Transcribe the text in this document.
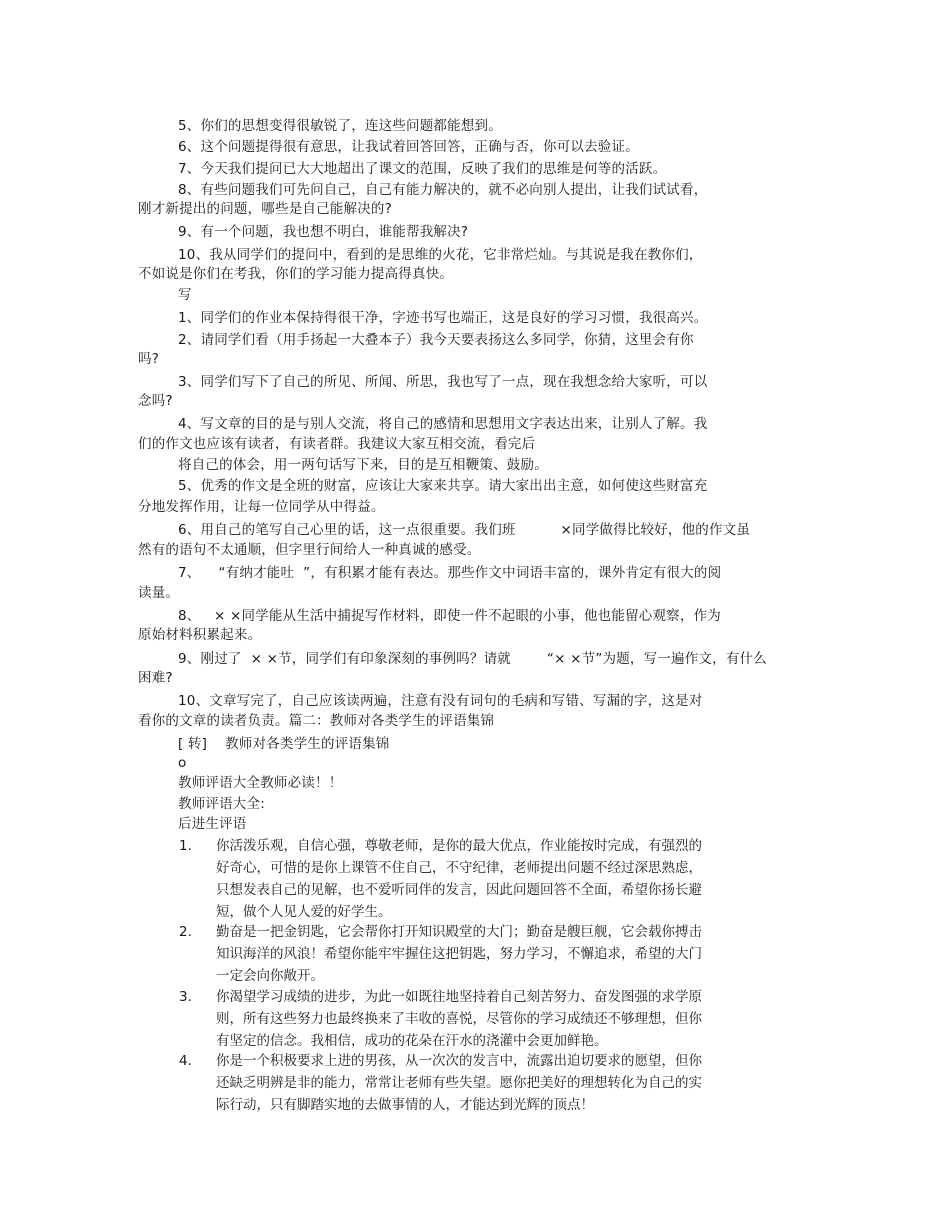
5、你们的思想变得很敏锐了，连这些问题都能想到。
6、这个问题提得很有意思，让我试着回答回答，正确与否，你可以去验证。
7、今天我们提问已大大地超出了课文的范围，反映了我们的思维是何等的活跃。
8、有些问题我们可先问自己，自己有能力解决的，就不必向别人提出，让我们试试看，
刚才新提出的问题，哪些是自己能解决的?
9、有一个问题，我也想不明白，谁能帮我解决?
10、我从同学们的提问中，看到的是思维的火花，它非常烂灿。与其说是我在教你们，
不如说是你们在考我，你们的学习能力提高得真快。
写
1、同学们的作业本保持得很干净，字迹书写也端正，这是良好的学习习惯，我很高兴。
2、请同学们看（用手扬起一大叠本子）我今天要表扬这么多同学，你猜，这里会有你
吗?
3、同学们写下了自己的所见、所闻、所思，我也写了一点，现在我想念给大家听，可以
念吗?
4、写文章的目的是与别人交流，将自己的感情和思想用文字表达出来，让别人了解。我
们的作文也应该有读者，有读者群。我建议大家互相交流，看完后
将自己的体会，用一两句话写下来，目的是互相鞭策、鼓励。
5、优秀的作文是全班的财富，应该让大家来共享。请大家出出主意，如何使这些财富充
分地发挥作用，让每一位同学从中得益。
6、用自己的笔写自己心里的话，这一点很重要。我们班          ×同学做得比较好，他的作文虽
然有的语句不太通顺，但字里行间给人一种真诚的感受。
7、    “有纳才能吐  ”，有积累才能有表达。那些作文中词语丰富的，课外肯定有很大的阅
读量。
8、   × ×同学能从生活中捕捉写作材料，即使一件不起眼的小事，他也能留心观察，作为
原始材料积累起来。
9、刚过了  × ×节，同学们有印象深刻的事例吗？请就        “× ×节”为题，写一遍作文，有什么
困难?
10、文章写完了，自己应该读两遍，注意有没有词句的毛病和写错、写漏的字，这是对
看你的文章的读者负责。篇二：教师对各类学生的评语集锦
[ 转]    教师对各类学生的评语集锦
o
教师评语大全教师必读！！
教师评语大全:
后进生评语
1. 你活泼乐观，自信心强，尊敬老师，是你的最大优点，作业能按时完成，有强烈的
好奇心，可惜的是你上课管不住自己，不守纪律，老师提出问题不经过深思熟虑，
只想发表自己的见解，也不爱听同伴的发言，因此问题回答不全面，希望你扬长避
短，做个人见人爱的好学生。
2. 勤奋是一把金钥匙，它会帮你打开知识殿堂的大门；勤奋是艘巨舰，它会载你搏击
知识海洋的风浪！希望你能牢牢握住这把钥匙，努力学习，不懈追求，希望的大门
一定会向你敞开。
3. 你渴望学习成绩的进步，为此一如既往地坚持着自己刻苦努力、奋发图强的求学原
则，所有这些努力也最终换来了丰收的喜悦，尽管你的学习成绩还不够理想，但你
有坚定的信念。我相信，成功的花朵在汗水的浇灌中会更加鲜艳。
4. 你是一个积极要求上进的男孩，从一次次的发言中，流露出迫切要求的愿望，但你
还缺乏明辨是非的能力，常常让老师有些失望。愿你把美好的理想转化为自己的实
际行动，只有脚踏实地的去做事情的人，才能达到光辉的顶点！
